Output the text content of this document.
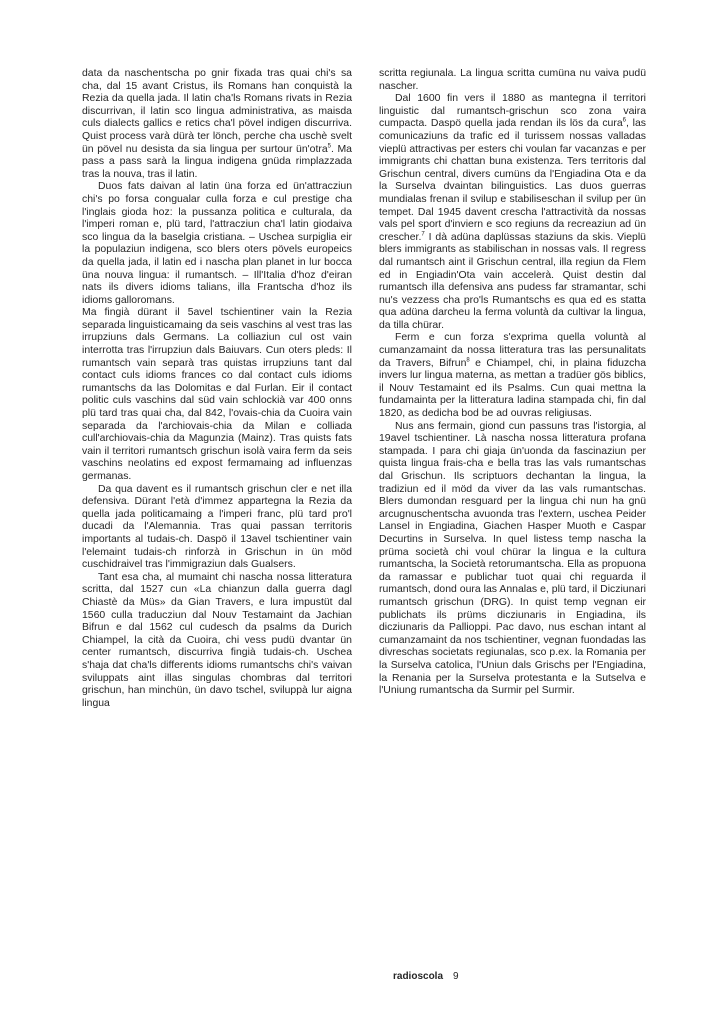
data da naschentscha po gnir fixada tras quai chi's sa cha, dal 15 avant Cristus, ils Romans han conquistà la Rezia da quella jada. Il latin cha'ls Romans rivats in Rezia discurrivan, il latin sco lingua administrativa, as maisda culs dialects gallics e retics cha'l pövel indigen discurriva. Quist process varà dürà ter lönch, perche cha uschè svelt ün pövel nu desista da sia lingua per surtour ün'otra$^5$. Ma pass a pass sarà la lingua indigena gnüda rimplazzada tras la nouva, tras il latin.

Duos fats daivan al latin üna forza ed ün'attracziun chi's po forsa congualar culla forza e cul prestige cha l'inglais gioda hoz: la pussanza politica e culturala, da l'imperi roman e, plü tard, l'attracziun cha'l latin giodaiva sco lingua da la baselgia cristiana. – Uschea surpiglia eir la populaziun indigena, sco blers oters pövels europeics da quella jada, il latin ed i nascha plan planet in lur bocca üna nouva lingua: il rumantsch. – Ill'Italia d'hoz d'eiran nats ils divers idioms talians, illa Frantscha d'hoz ils idioms galloromans.

Ma fingià dürant il 5avel tschientiner vain la Rezia separada linguisticamaing da seis vaschins al vest tras las irrupziuns dals Germans. La colliaziun cul ost vain interrotta tras l'irrupziun dals Baiuvars. Cun oters pleds: Il rumantsch vain separà tras quistas irrupziuns tant dal contact culs idioms frances co dal contact culs idioms rumantschs da las Dolomitas e dal Furlan. Eir il contact politic culs vaschins dal süd vain schlockià var 400 onns plü tard tras quai cha, dal 842, l'ovais-chia da Cuoira vain separada da l'archiovais-chia da Milan e colliada cull'archiovais-chia da Magunzia (Mainz). Tras quists fats vain il territori rumantsch grischun isolà vaira ferm da seis vaschins neolatins ed expost fermamaing ad influenzas germanas.

Da qua davent es il rumantsch grischun cler e net illa defensiva. Dürant l'età d'immez appartegna la Rezia da quella jada politicamaing a l'imperi franc, plü tard pro'l ducadi da l'Alemannia. Tras quai passan territoris importants al tudais-ch. Daspö il 13avel tschientiner vain l'elemaint tudais-ch rinforzà in Grischun in ün möd cuschidraivel tras l'immigraziun dals Gualsers.

Tant esa cha, al mumaint chi nascha nossa litteratura scritta, dal 1527 cun «La chianzun dalla guerra dagl Chiastè da Müs» da Gian Travers, e lura impustüt dal 1560 culla traducziun dal Nouv Testamaint da Jachian Bifrun e dal 1562 cul cudesch da psalms da Durich Chiampel, la cità da Cuoira, chi vess pudü dvantar ün center rumantsch, discurriva fingià tudais-ch. Uschea s'haja dat cha'ls differents idioms rumantschs chi's vaivan sviluppats aint illas singulas chombras dal territori grischun, han minchün, ün davo tschel, sviluppà lur aigna lingua

scritta regiunala. La lingua scritta cumüna nu vaiva pudü nascher.

Dal 1600 fin vers il 1880 as mantegna il territori linguistic dal rumantsch-grischun sco zona vaira cumpacta. Daspö quella jada rendan ils lös da cura$^6$, las comunicaziuns da trafic ed il turissem nossas valladas vieplü attractivas per esters chi voulan far vacanzas e per immigrants chi chattan buna existenza. Ters territoris dal Grischun central, divers cumüns da l'Engiadina Ota e da la Surselva dvaintan bilinguistics. Las duos guerras mundialas frenan il svilup e stabiliseschan il svilup per ün tempet. Dal 1945 davent crescha l'attractività da nossas vals pel sport d'inviern e sco regiuns da recreaziun ad ün crescher.$^7$ I dà adüna daplüssas staziuns da skis. Vieplü blers immigrants as stabilischan in nossas vals. Il regress dal rumantsch aint il Grischun central, illa regiun da Flem ed in Engiadin'Ota vain accelerà. Quist destin dal rumantsch illa defensiva ans pudess far stramantar, schi nu's vezzess cha pro'ls Rumantschs es qua ed es statta qua adüna darcheu la ferma voluntà da cultivar la lingua, da tilla chürar.

Ferm e cun forza s'exprima quella voluntà al cumanzamaint da nossa litteratura tras las persunalitats da Travers, Bifrun$^8$ e Chiampel, chi, in plaina fiduzcha invers lur lingua materna, as mettan a tradüer gös biblics, il Nouv Testamaint ed ils Psalms. Cun quai mettna la fundamainta per la litteratura ladina stampada chi, fin dal 1820, as dedicha bod be ad ouvras religiusas.

Nus ans fermain, giond cun passuns tras l'istorgia, al 19avel tschientiner. Là nascha nossa litteratura profana stampada. I para chi giaja ün'uonda da fascinaziun per quista lingua frais-cha e bella tras las vals rumantschas dal Grischun. Ils scriptuors dechantan la lingua, la tradiziun ed il möd da viver da las vals rumantschas. Blers dumondan resguard per la lingua chi nun ha gnü arcugnuschentscha avuonda tras l'extern, uschea Peider Lansel in Engiadina, Giachen Hasper Muoth e Caspar Decurtins in Surselva. In quel listess temp nascha la prüma società chi voul chürar la lingua e la cultura rumantscha, la Società retorumantscha. Ella as propuona da ramassar e publichar tuot quai chi reguarda il rumantsch, dond oura las Annalas e, plü tard, il Dicziunari rumantsch grischun (DRG). In quist temp vegnan eir publichats ils prüms dicziunaris in Engiadina, ils dicziunaris da Pallioppi. Pac davo, nus eschan intant al cumanzamaint da nos tschientiner, vegnan fuondadas las divreschas societats regiunalas, sco p.ex. la Romania per la Surselva catolica, l'Uniun dals Grischs per l'Engiadina, la Renania per la Surselva protestanta e la Sutselva e l'Uniung rumantscha da Surmir pel Surmir.

radioscola 9
